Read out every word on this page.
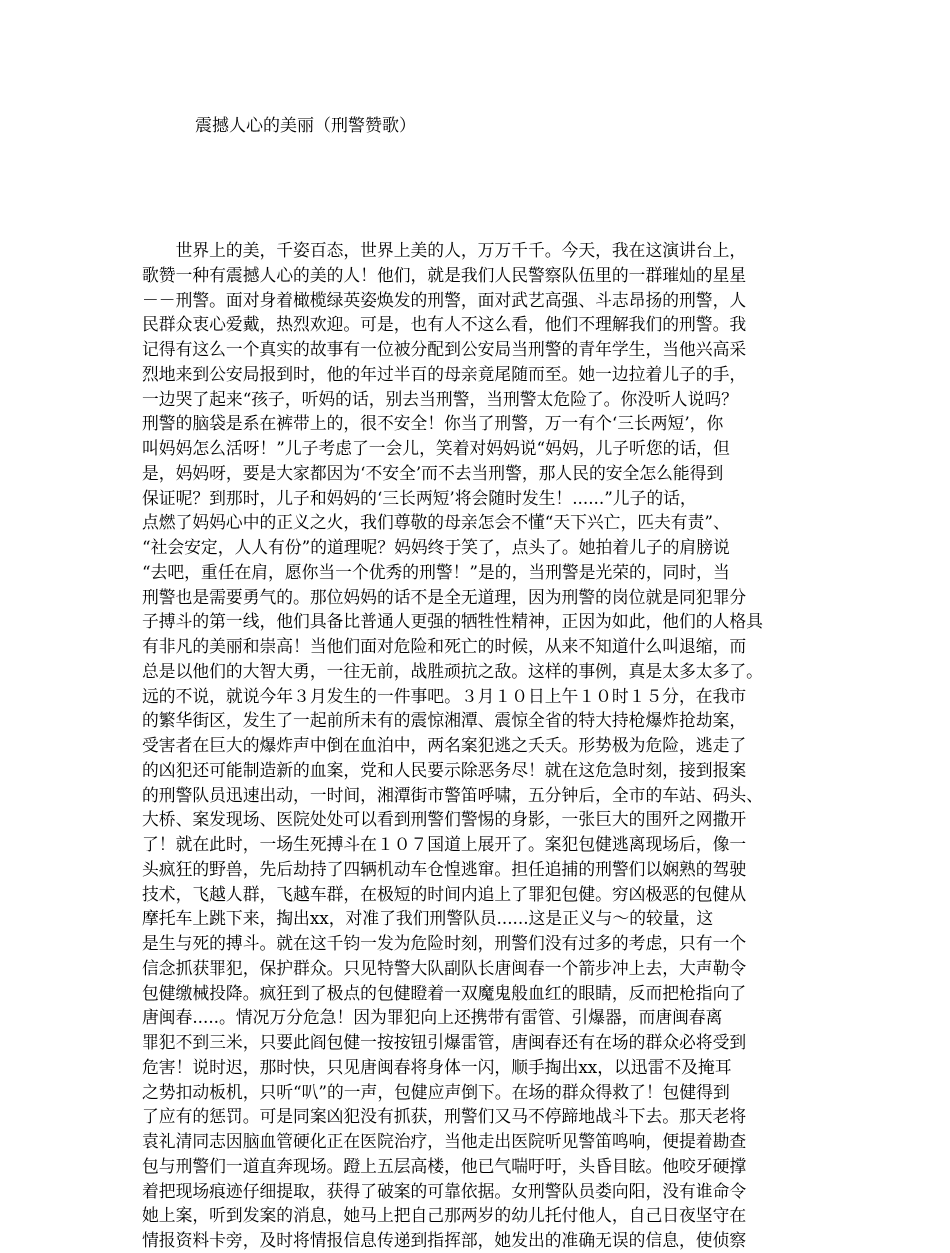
震撼人心的美丽（刑警赞歌）
　　世界上的美，千姿百态，世界上美的人，万万千千。今天，我在这演讲台上，
歌赞一种有震撼人心的美的人！他们，就是我们人民警察队伍里的一群璀灿的星星
－－刑警。面对身着橄榄绿英姿焕发的刑警，面对武艺高强、斗志昂扬的刑警，人
民群众衷心爱戴，热烈欢迎。可是，也有人不这么看，他们不理解我们的刑警。我
记得有这么一个真实的故事有一位被分配到公安局当刑警的青年学生，当他兴高采
烈地来到公安局报到时，他的年过半百的母亲竟尾随而至。她一边拉着儿子的手，
一边哭了起来“孩子，听妈的话，别去当刑警，当刑警太危险了。你没听人说吗？
刑警的脑袋是系在裤带上的，很不安全！你当了刑警，万一有个‘三长两短’，你
叫妈妈怎么活呀！”儿子考虑了一会儿，笑着对妈妈说“妈妈，儿子听您的话，但
是，妈妈呀，要是大家都因为‘不安全’而不去当刑警，那人民的安全怎么能得到
保证呢？到那时，儿子和妈妈的‘三长两短’将会随时发生！......”儿子的话，
点燃了妈妈心中的正义之火，我们尊敬的母亲怎会不懂“天下兴亡，匹夫有责”、
“社会安定，人人有份”的道理呢？妈妈终于笑了，点头了。她拍着儿子的肩膀说
“去吧，重任在肩，愿你当一个优秀的刑警！”是的，当刑警是光荣的，同时，当
刑警也是需要勇气的。那位妈妈的话不是全无道理，因为刑警的岗位就是同犯罪分
子搏斗的第一线，他们具备比普通人更强的牺牲性精神，正因为如此，他们的人格具
有非凡的美丽和崇高！当他们面对危险和死亡的时候，从来不知道什么叫退缩，而
总是以他们的大智大勇，一往无前，战胜顽抗之敌。这样的事例，真是太多太多了。
远的不说，就说今年３月发生的一件事吧。３月１０日上午１０时１５分，在我市
的繁华街区，发生了一起前所未有的震惊湘潭、震惊全省的特大持枪爆炸抢劫案，
受害者在巨大的爆炸声中倒在血泊中，两名案犯逃之夭夭。形势极为危险，逃走了
的凶犯还可能制造新的血案，党和人民要示除恶务尽！就在这危急时刻，接到报案
的刑警队员迅速出动，一时间，湘潭街市警笛呼啸，五分钟后，全市的车站、码头、
大桥、案发现场、医院处处可以看到刑警们警惕的身影，一张巨大的围歼之网撒开
了！就在此时，一场生死搏斗在１０７国道上展开了。案犯包健逃离现场后，像一
头疯狂的野兽，先后劫持了四辆机动车仓惶逃窜。担任追捕的刑警们以娴熟的驾驶
技术，飞越人群，飞越车群，在极短的时间内追上了罪犯包健。穷凶极恶的包健从
摩托车上跳下来，掏出xx，对准了我们刑警队员......这是正义与～的较量，这
是生与死的搏斗。就在这千钧一发为危险时刻，刑警们没有过多的考虑，只有一个
信念抓获罪犯，保护群众。只见特警大队副队长唐闽春一个箭步冲上去，大声勒令
包健缴械投降。疯狂到了极点的包健瞪着一双魔鬼般血红的眼睛，反而把枪指向了
唐闽春.....。情况万分危急！因为罪犯向上还携带有雷管、引爆器，而唐闽春离
罪犯不到三米，只要此阎包健一按按钮引爆雷管，唐闽春还有在场的群众必将受到
危害！说时迟，那时快，只见唐闽春将身体一闪，顺手掏出xx，以迅雷不及掩耳
之势扣动板机，只听“叭”的一声，包健应声倒下。在场的群众得救了！包健得到
了应有的惩罚。可是同案凶犯没有抓获，刑警们又马不停蹄地战斗下去。那天老将
袁礼清同志因脑血管硬化正在医院治疗，当他走出医院听见警笛鸣响，便提着勘查
包与刑警们一道直奔现场。蹬上五层高楼，他已气喘吁吁，头昏目眩。他咬牙硬撑
着把现场痕迹仔细提取，获得了破案的可靠依据。女刑警队员娄向阳，没有谁命令
她上案，听到发案的消息，她马上把自己那两岁的幼儿托付他人，自己日夜坚守在
情报资料卡旁，及时将情报信息传递到指挥部，她发出的准确无误的信息，使侦察
